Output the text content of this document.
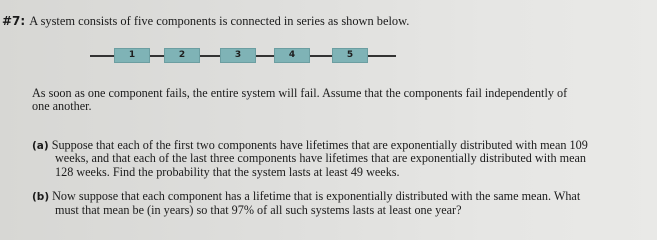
#7: A system consists of five components is connected in series as shown below.
1	2	3	4	5
As soon as one component fails, the entire system will fail. Assume that the components fail independently of
one another.
(a) Suppose that each of the first two components have lifetimes that are exponentially distributed with mean 109
weeks, and that each of the last three components have lifetimes that are exponentially distributed with mean
128 weeks. Find the probability that the system lasts at least 49 weeks.
(b) Now suppose that each component has a lifetime that is exponentially distributed with the same mean. What
must that mean be (in years) so that 97% of all such systems lasts at least one year?
